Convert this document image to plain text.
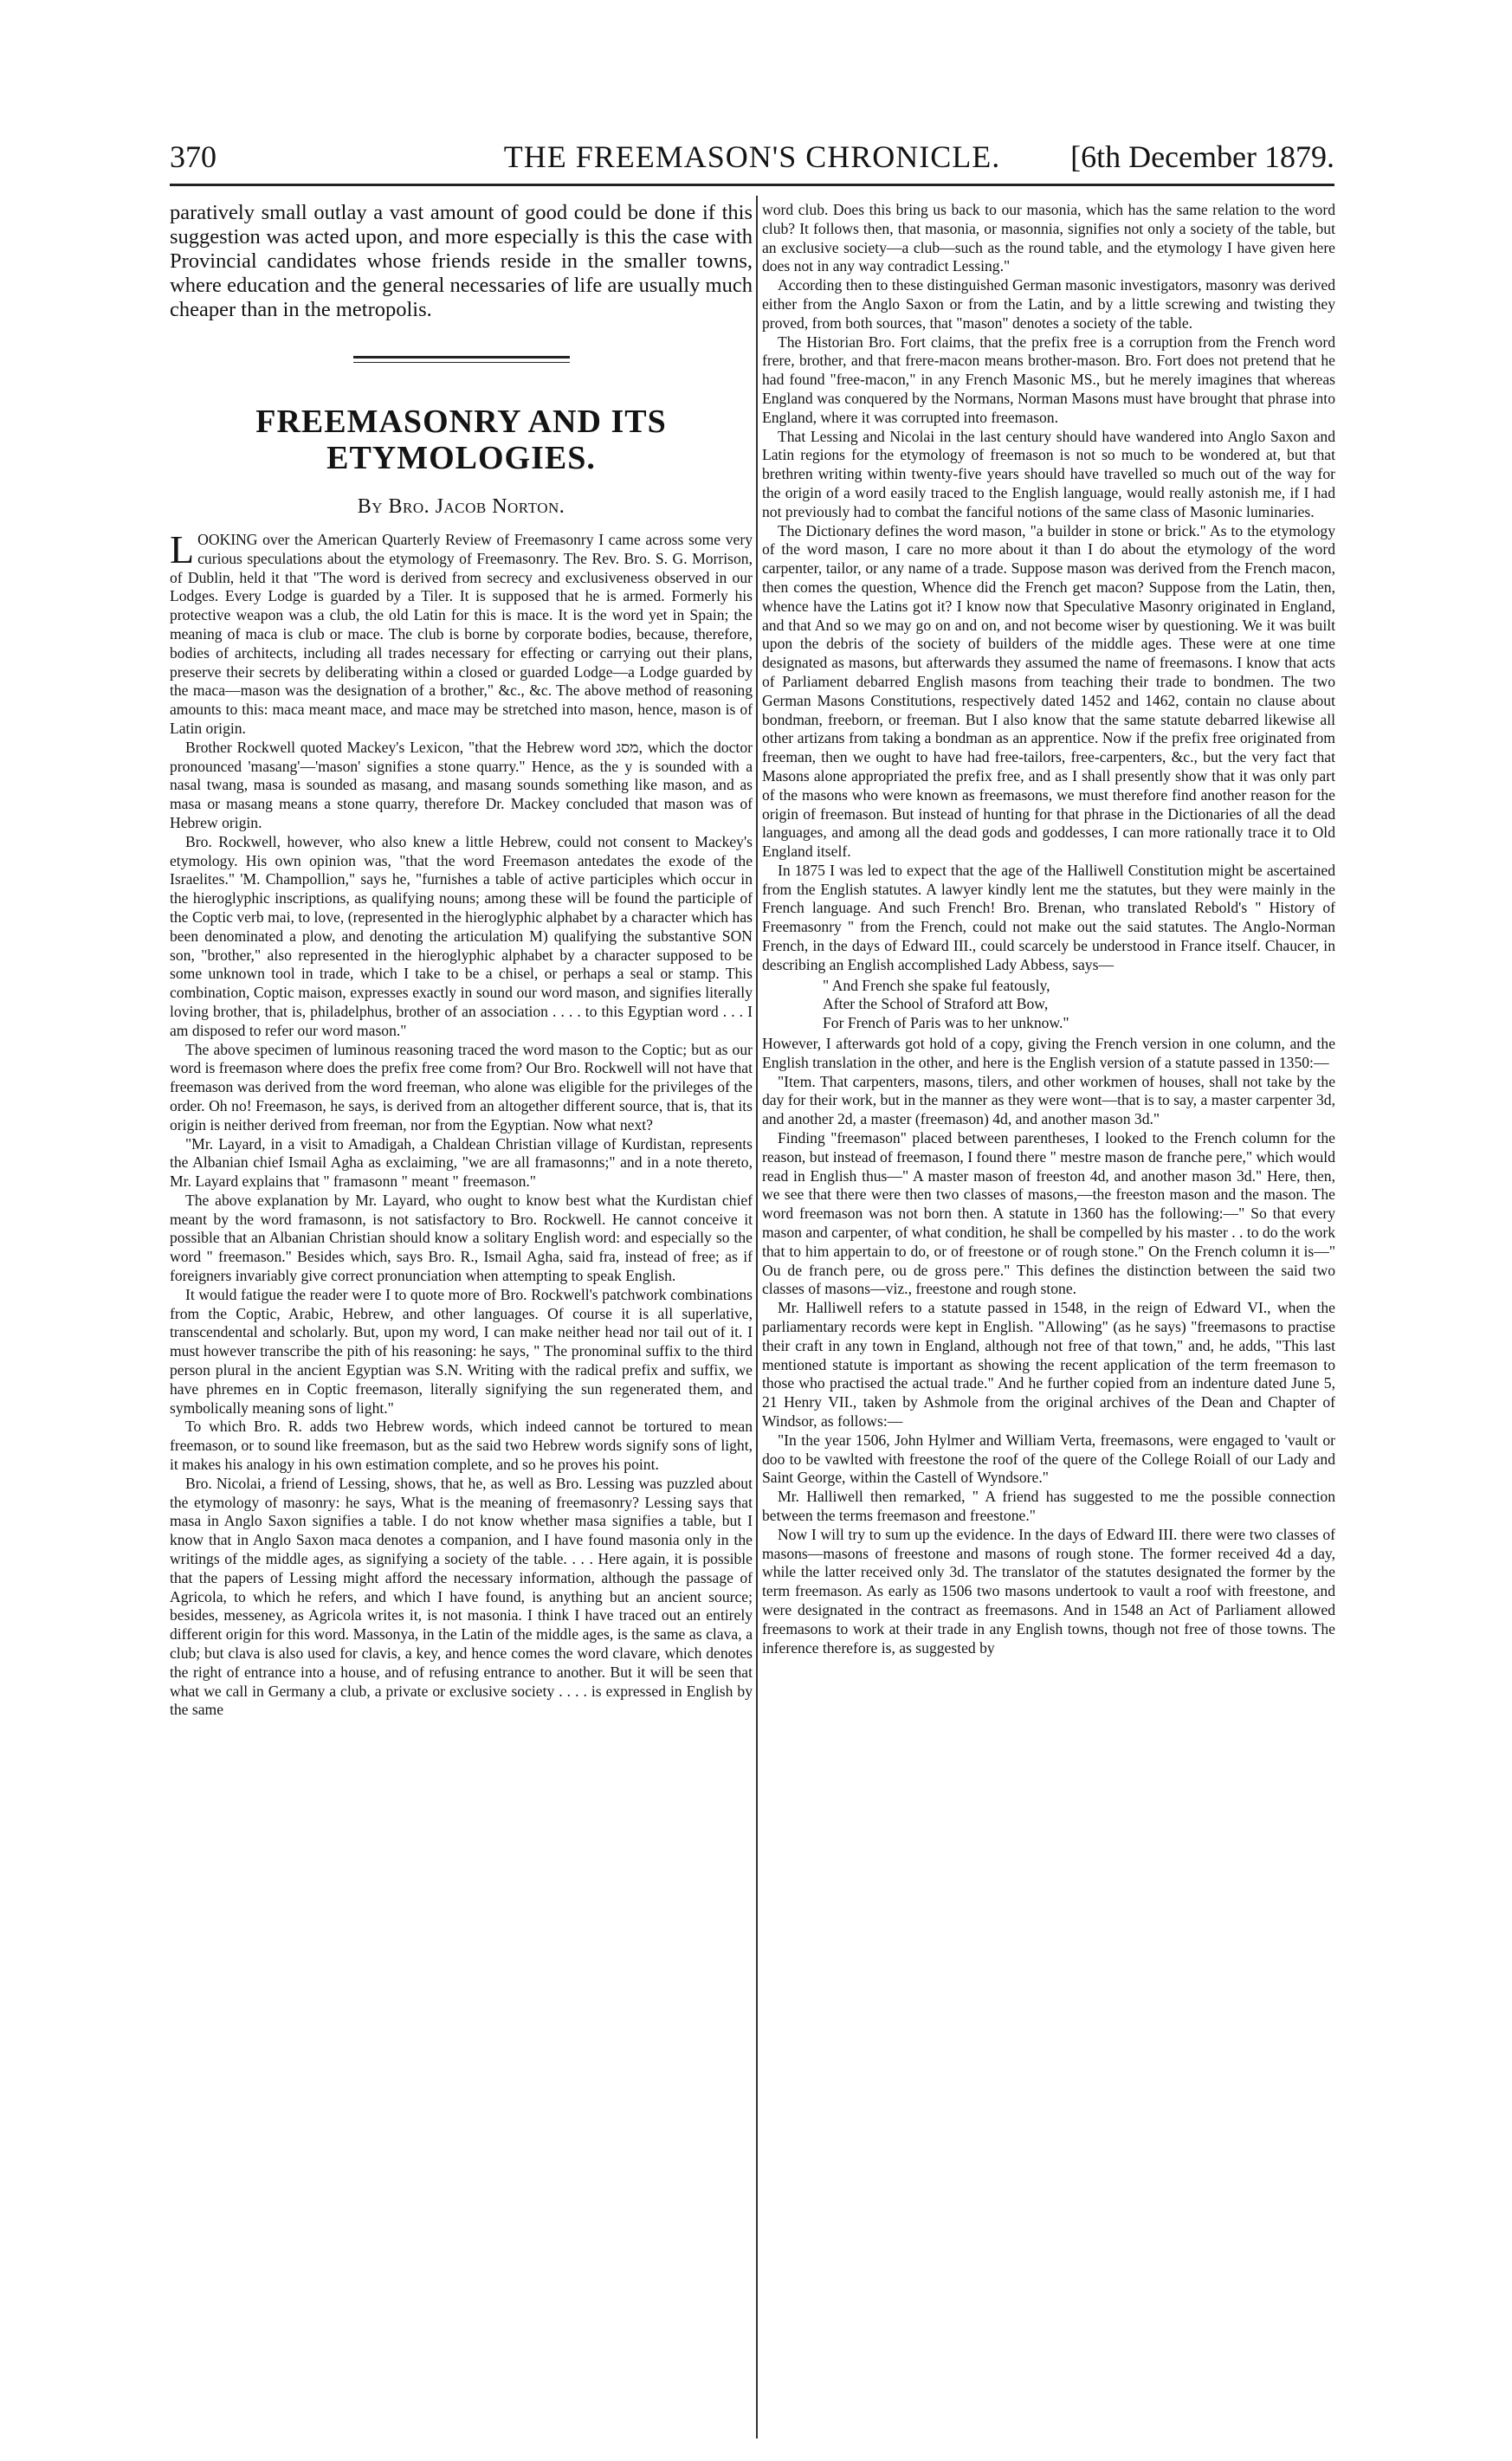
370	THE FREEMASON'S CHRONICLE.	[6th December 1879.

paratively small outlay a vast amount of good could be done if this suggestion was acted upon, and more especially is this the case with Provincial candidates whose friends reside in the smaller towns, where education and the general necessaries of life are usually much cheaper than in the metropolis.

FREEMASONRY AND ITS
ETYMOLOGIES.
By Bro. Jacob Norton.

LOOKING over the American Quarterly Review of Freemasonry I came across some very curious speculations about the etymology of Freemasonry. The Rev. Bro. S. G. Morrison, of Dublin, held it that "The word is derived from secrecy and exclusiveness observed in our Lodges. Every Lodge is guarded by a Tiler. It is supposed that he is armed. Formerly his protective weapon was a club, the old Latin for this is mace. It is the word yet in Spain; the meaning of maca is club or mace. The club is borne by corporate bodies, because, therefore, bodies of architects, including all trades necessary for effecting or carrying out their plans, preserve their secrets by deliberating within a closed or guarded Lodge—a Lodge guarded by the maca—mason was the designation of a brother," &c., &c. The above method of reasoning amounts to this: maca meant mace, and mace may be stretched into mason, hence, mason is of Latin origin.

Brother Rockwell quoted Mackey's Lexicon, "that the Hebrew word מסג, which the doctor pronounced 'masang'—'mason' signifies a stone quarry." Hence, as the y is sounded with a nasal twang, masa is sounded as masang, and masang sounds something like mason, and as masa or masang means a stone quarry, therefore Dr. Mackey concluded that mason was of Hebrew origin.

Bro. Rockwell, however, who also knew a little Hebrew, could not consent to Mackey's etymology. His own opinion was, "that the word Freemason antedates the exode of the Israelites." 'M. Champollion," says he, "furnishes a table of active participles which occur in the hieroglyphic inscriptions, as qualifying nouns; among these will be found the participle of the Coptic verb mai, to love, (represented in the hieroglyphic alphabet by a character which has been denominated a plow, and denoting the articulation M) qualifying the substantive SON son, "brother," also represented in the hieroglyphic alphabet by a character supposed to be some unknown tool in trade, which I take to be a chisel, or perhaps a seal or stamp. This combination, Coptic maison, expresses exactly in sound our word mason, and signifies literally loving brother, that is, philadelphus, brother of an association . . . . to this Egyptian word . . . I am disposed to refer our word mason."

The above specimen of luminous reasoning traced the word mason to the Coptic; but as our word is freemason where does the prefix free come from? Our Bro. Rockwell will not have that freemason was derived from the word freeman, who alone was eligible for the privileges of the order. Oh no! Freemason, he says, is derived from an altogether different source, that is, that its origin is neither derived from freeman, nor from the Egyptian. Now what next?

"Mr. Layard, in a visit to Amadigah, a Chaldean Christian village of Kurdistan, represents the Albanian chief Ismail Agha as exclaiming, "we are all framasonns;" and in a note thereto, Mr. Layard explains that " framasonn " meant " freemason."

The above explanation by Mr. Layard, who ought to know best what the Kurdistan chief meant by the word framasonn, is not satisfactory to Bro. Rockwell. He cannot conceive it possible that an Albanian Christian should know a solitary English word: and especially so the word " freemason." Besides which, says Bro. R., Ismail Agha, said fra, instead of free; as if foreigners invariably give correct pronunciation when attempting to speak English.

It would fatigue the reader were I to quote more of Bro. Rockwell's patchwork combinations from the Coptic, Arabic, Hebrew, and other languages. Of course it is all superlative, transcendental and scholarly. But, upon my word, I can make neither head nor tail out of it. I must however transcribe the pith of his reasoning: he says, " The pronominal suffix to the third person plural in the ancient Egyptian was S.N. Writing with the radical prefix and suffix, we have phremes en in Coptic freemason, literally signifying the sun regenerated them, and symbolically meaning sons of light."

To which Bro. R. adds two Hebrew words, which indeed cannot be tortured to mean freemason, or to sound like freemason, but as the said two Hebrew words signify sons of light, it makes his analogy in his own estimation complete, and so he proves his point.

Bro. Nicolai, a friend of Lessing, shows, that he, as well as Bro. Lessing was puzzled about the etymology of masonry: he says, What is the meaning of freemasonry? Lessing says that masa in Anglo Saxon signifies a table. I do not know whether masa signifies a table, but I know that in Anglo Saxon maca denotes a companion, and I have found masonia only in the writings of the middle ages, as signifying a society of the table. . . . Here again, it is possible that the papers of Lessing might afford the necessary information, although the passage of Agricola, to which he refers, and which I have found, is anything but an ancient source; besides, messeney, as Agricola writes it, is not masonia. I think I have traced out an entirely different origin for this word. Massonya, in the Latin of the middle ages, is the same as clava, a club; but clava is also used for clavis, a key, and hence comes the word clavare, which denotes the right of entrance into a house, and of refusing entrance to another. But it will be seen that what we call in Germany a club, a private or exclusive society . . . . is expressed in English by the same

word club. Does this bring us back to our masonia, which has the same relation to the word club? It follows then, that masonia, or masonnia, signifies not only a society of the table, but an exclusive society—a club—such as the round table, and the etymology I have given here does not in any way contradict Lessing."

According then to these distinguished German masonic investigators, masonry was derived either from the Anglo Saxon or from the Latin, and by a little screwing and twisting they proved, from both sources, that "mason" denotes a society of the table.

The Historian Bro. Fort claims, that the prefix free is a corruption from the French word frere, brother, and that frere-macon means brother-mason. Bro. Fort does not pretend that he had found "free-macon," in any French Masonic MS., but he merely imagines that whereas England was conquered by the Normans, Norman Masons must have brought that phrase into England, where it was corrupted into freemason.

That Lessing and Nicolai in the last century should have wandered into Anglo Saxon and Latin regions for the etymology of freemason is not so much to be wondered at, but that brethren writing within twenty-five years should have travelled so much out of the way for the origin of a word easily traced to the English language, would really astonish me, if I had not previously had to combat the fanciful notions of the same class of Masonic luminaries.

The Dictionary defines the word mason, "a builder in stone or brick." As to the etymology of the word mason, I care no more about it than I do about the etymology of the word carpenter, tailor, or any name of a trade. Suppose mason was derived from the French macon, then comes the question, Whence did the French get macon? Suppose from the Latin, then, whence have the Latins got it? I know now that Speculative Masonry originated in England, and that And so we may go on and on, and not become wiser by questioning. We it was built upon the debris of the society of builders of the middle ages. These were at one time designated as masons, but afterwards they assumed the name of freemasons. I know that acts of Parliament debarred English masons from teaching their trade to bondmen. The two German Masons Constitutions, respectively dated 1452 and 1462, contain no clause about bondman, freeborn, or freeman. But I also know that the same statute debarred likewise all other artizans from taking a bondman as an apprentice. Now if the prefix free originated from freeman, then we ought to have had free-tailors, free-carpenters, &c., but the very fact that Masons alone appropriated the prefix free, and as I shall presently show that it was only part of the masons who were known as freemasons, we must therefore find another reason for the origin of freemason. But instead of hunting for that phrase in the Dictionaries of all the dead languages, and among all the dead gods and goddesses, I can more rationally trace it to Old England itself.

In 1875 I was led to expect that the age of the Halliwell Constitution might be ascertained from the English statutes. A lawyer kindly lent me the statutes, but they were mainly in the French language. And such French! Bro. Brenan, who translated Rebold's " History of Freemasonry " from the French, could not make out the said statutes. The Anglo-Norman French, in the days of Edward III., could scarcely be understood in France itself. Chaucer, in describing an English accomplished Lady Abbess, says—

" And French she spake ful featously,
After the School of Straford att Bow,
For French of Paris was to her unknow."

However, I afterwards got hold of a copy, giving the French version in one column, and the English translation in the other, and here is the English version of a statute passed in 1350:—

"Item. That carpenters, masons, tilers, and other workmen of houses, shall not take by the day for their work, but in the manner as they were wont—that is to say, a master carpenter 3d, and another 2d, a master (freemason) 4d, and another mason 3d."

Finding "freemason" placed between parentheses, I looked to the French column for the reason, but instead of freemason, I found there " mestre mason de franche pere," which would read in English thus—" A master mason of freeston 4d, and another mason 3d." Here, then, we see that there were then two classes of masons,—the freeston mason and the mason. The word freemason was not born then. A statute in 1360 has the following:—" So that every mason and carpenter, of what condition, he shall be compelled by his master . . to do the work that to him appertain to do, or of freestone or of rough stone." On the French column it is—" Ou de franch pere, ou de gross pere." This defines the distinction between the said two classes of masons—viz., freestone and rough stone.

Mr. Halliwell refers to a statute passed in 1548, in the reign of Edward VI., when the parliamentary records were kept in English. "Allowing" (as he says) "freemasons to practise their craft in any town in England, although not free of that town," and, he adds, "This last mentioned statute is important as showing the recent application of the term freemason to those who practised the actual trade." And he further copied from an indenture dated June 5, 21 Henry VII., taken by Ashmole from the original archives of the Dean and Chapter of Windsor, as follows:—

"In the year 1506, John Hylmer and William Verta, freemasons, were engaged to 'vault or doo to be vawlted with freestone the roof of the quere of the College Roiall of our Lady and Saint George, within the Castell of Wyndsore."

Mr. Halliwell then remarked, " A friend has suggested to me the possible connection between the terms freemason and freestone."

Now I will try to sum up the evidence. In the days of Edward III. there were two classes of masons—masons of freestone and masons of rough stone. The former received 4d a day, while the latter received only 3d. The translator of the statutes designated the former by the term freemason. As early as 1506 two masons undertook to vault a roof with freestone, and were designated in the contract as freemasons. And in 1548 an Act of Parliament allowed freemasons to work at their trade in any English towns, though not free of those towns. The inference therefore is, as suggested by
